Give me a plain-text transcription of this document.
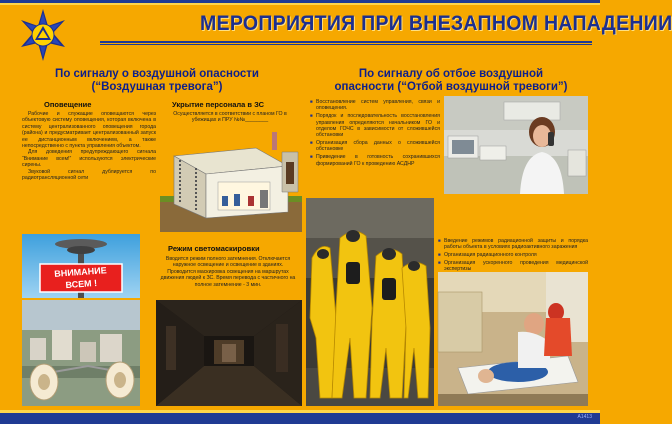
А1413
МЕРОПРИЯТИЯ ПРИ ВНЕЗАПНОМ НАПАДЕНИИ
По сигналу о воздушной опасности
(“Воздушная тревога”)
Оповещение

Рабочие и служащие оповещаются через объектовую систему оповещения, которая включена в систему централизованного оповещения города (района) и предусматривает централизованный запуск ее дистанционным включением, а также непосредственно с пункта управления объектом.

Для доведения предупреждающего сигнала “Внимание всем!” используются электрические сирены.

Звуковой сигнал дублируется по радиотрансляционной сети

Укрытие персонала в ЗС
Осуществляется в соответствии с планом ГО в убежищах и ПРУ №№________
ВНИМАНИЕ
ВСЕМ !
Режим светомаскировки
Вводится режим полного затемнения. Отключается наружное освещение и освещение в зданиях. Проводится маскировка освещения на маршрутах движения людей к ЗС. Время перевода с частичного на полное затемнение - 3 мин.
По сигналу об отбое воздушной
опасности (“Отбой воздушной тревоги”)
■ Восстановление систем управления, связи и оповещения.
■ Порядок и последовательность восстановления управления определяются начальником ГО и отделом ГОЧС в зависимости от сложившейся обстановки
■ Организация сбора данных о сложившейся обстановке
■ Приведение в готовность сохранившихся формирований ГО к проведению АСДНР
■ Введение режимов радиационной защиты и порядка работы объекта в условиях радиоактивного заражения
■ Организация радиационного контроля
■ Организация ускоренного проведения медицинской экспертизы
■
